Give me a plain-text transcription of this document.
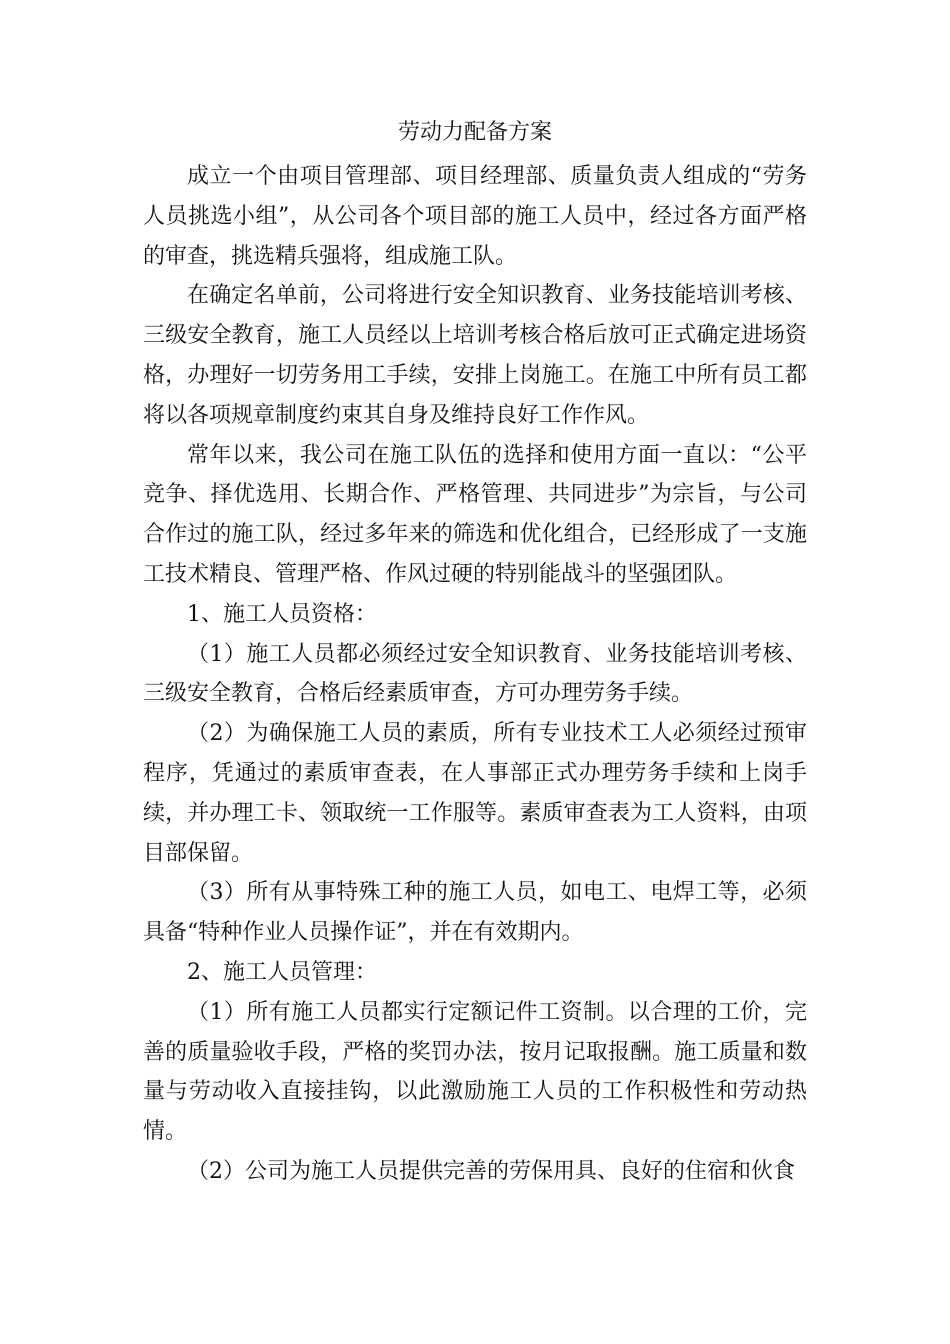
劳动力配备方案

成立一个由项目管理部、项目经理部、质量负责人组成的“劳务人员挑选小组”，从公司各个项目部的施工人员中，经过各方面严格的审查，挑选精兵强将，组成施工队。

在确定名单前，公司将进行安全知识教育、业务技能培训考核、三级安全教育，施工人员经以上培训考核合格后放可正式确定进场资格，办理好一切劳务用工手续，安排上岗施工。在施工中所有员工都将以各项规章制度约束其自身及维持良好工作作风。

常年以来，我公司在施工队伍的选择和使用方面一直以：“公平竞争、择优选用、长期合作、严格管理、共同进步”为宗旨，与公司合作过的施工队，经过多年来的筛选和优化组合，已经形成了一支施工技术精良、管理严格、作风过硬的特别能战斗的坚强团队。

1、施工人员资格：

（1）施工人员都必须经过安全知识教育、业务技能培训考核、三级安全教育，合格后经素质审查，方可办理劳务手续。

（2）为确保施工人员的素质，所有专业技术工人必须经过预审程序，凭通过的素质审查表，在人事部正式办理劳务手续和上岗手续，并办理工卡、领取统一工作服等。素质审查表为工人资料，由项目部保留。

（3）所有从事特殊工种的施工人员，如电工、电焊工等，必须具备“特种作业人员操作证”，并在有效期内。

2、施工人员管理：

（1）所有施工人员都实行定额记件工资制。以合理的工价，完善的质量验收手段，严格的奖罚办法，按月记取报酬。施工质量和数量与劳动收入直接挂钩，以此激励施工人员的工作积极性和劳动热情。

（2）公司为施工人员提供完善的劳保用具、良好的住宿和伙食
